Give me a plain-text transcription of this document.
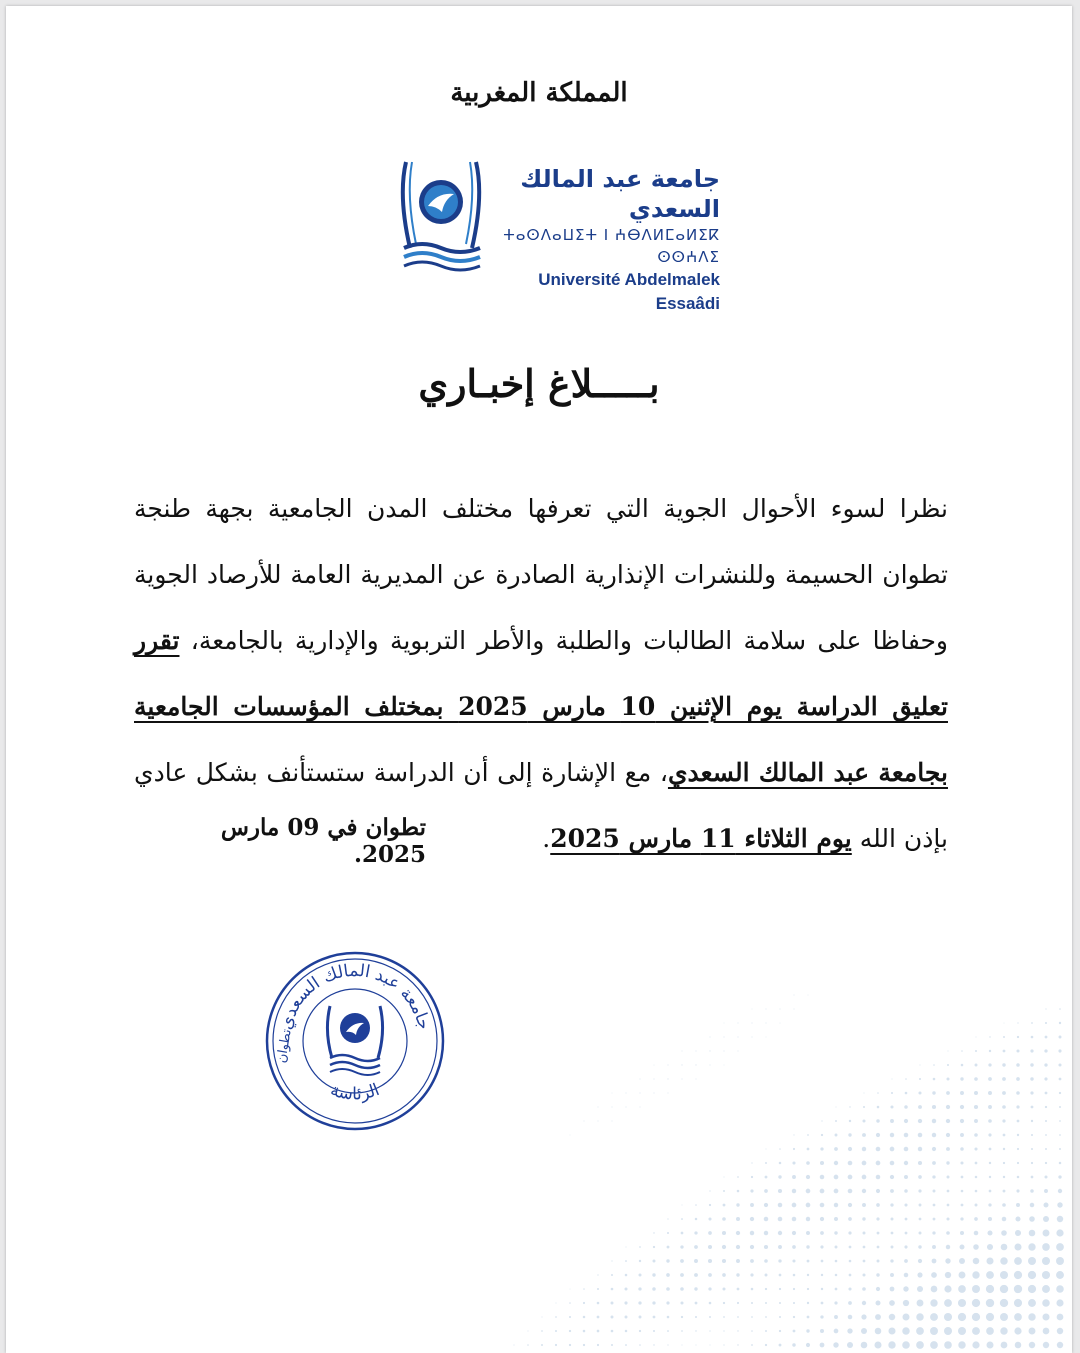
المملكة المغربية
جامعة عبد المالك السعدي
ⵜⴰⵙⴷⴰⵡⵉⵜ ⵏ ⵄⴱⴷⵍⵎⴰⵍⵉⴽ ⵙⵙⵄⴷⵉ
Université Abdelmalek Essaâdi
بـــــلاغ إخبـاري
نظرا لسوء الأحوال الجوية التي تعرفها مختلف المدن الجامعية بجهة طنجة تطوان الحسيمة وللنشرات الإنذارية الصادرة عن المديرية العامة للأرصاد الجوية وحفاظا على سلامة الطالبات والطلبة والأطر التربوية والإدارية بالجامعة، تقرر تعليق الدراسة يوم الإثنين 10 مارس 2025 بمختلف المؤسسات الجامعية بجامعة عبد المالك السعدي، مع الإشارة إلى أن الدراسة ستستأنف بشكل عادي بإذن الله يوم الثلاثاء 11 مارس 2025.
تطوان في 09 مارس 2025.
جامعة عبد المالك السعدي
الرئاسة
تطوان
